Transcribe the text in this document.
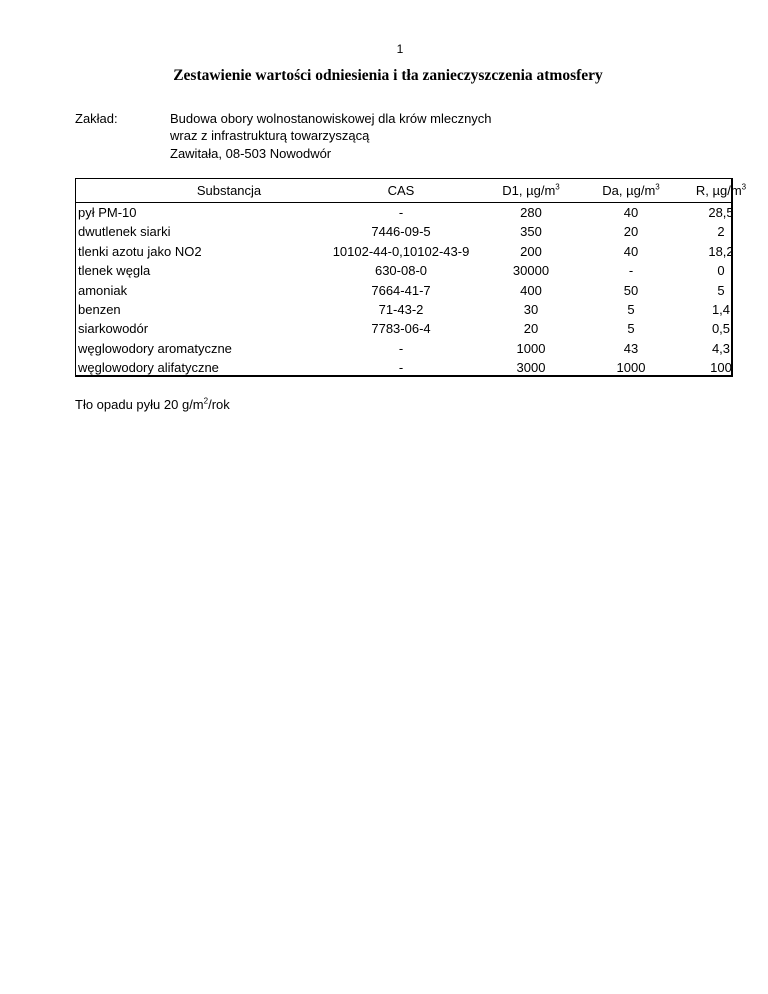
1
Zestawienie wartości odniesienia i tła zanieczyszczenia atmosfery
Zakład:	Budowa obory wolnostanowiskowej dla krów mlecznych
wraz z infrastrukturą towarzyszącą
Zawitała, 08-503 Nowodwór
Substancja	CAS	D1, $\mu g/m^3$	Da, $\mu g/m^3$	R, $\mu g/m^3$
pył PM-10	-	280	40	28,5
dwutlenek siarki	7446-09-5	350	20	2
tlenki azotu jako NO2	10102-44-0,10102-43-9	200	40	18,2
tlenek węgla	630-08-0	30000	-	0
amoniak	7664-41-7	400	50	5
benzen	71-43-2	30	5	1,4
siarkowodór	7783-06-4	20	5	0,5
węglowodory aromatyczne	-	1000	43	4,3
węglowodory alifatyczne	-	3000	1000	100
Tło opadu pyłu 20 $g/m^2$/rok
